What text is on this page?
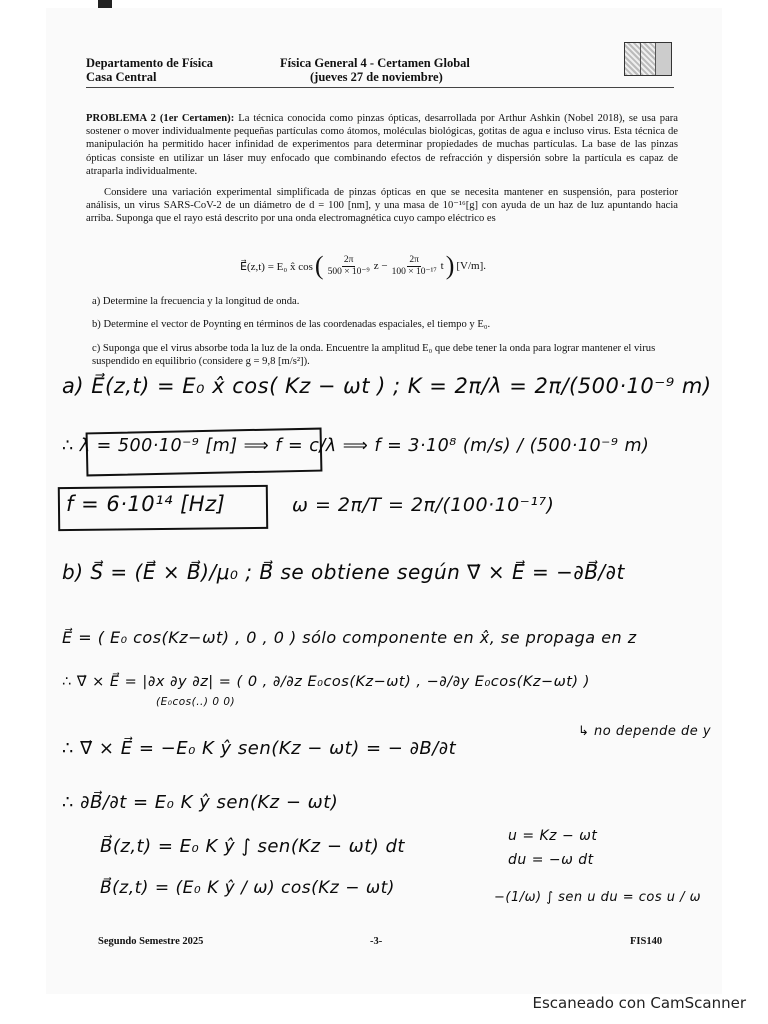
Departamento de Física
Casa Central
Física General 4 - Certamen Global
(jueves 27 de noviembre)
PROBLEMA 2 (1er Certamen): La técnica conocida como pinzas ópticas, desarrollada por Arthur Ashkin (Nobel 2018), se usa para sostener o mover individualmente pequeñas partículas como átomos, moléculas biológicas, gotitas de agua e incluso virus. Esta técnica de manipulación ha permitido hacer infinidad de experimentos para determinar propiedades de muchas partículas. La base de las pinzas ópticas consiste en utilizar un láser muy enfocado que combinando efectos de refracción y dispersión sobre la partícula es capaz de atraparla individualmente.
Considere una variación experimental simplificada de pinzas ópticas en que se necesita mantener en suspensión, para posterior análisis, un virus SARS-CoV-2 de un diámetro de d = 100 [nm], y una masa de 10⁻¹⁶[g] con ayuda de un haz de luz apuntando hacia arriba. Suponga que el rayo está descrito por una onda electromagnética cuyo campo eléctrico es
E⃗(z,t) = E₀ x̂ cos ( $\frac{2\pi}{\text{500 × 10⁻⁹}}$ $z - \frac{2\pi}{\text{100 × 10⁻¹⁷}}$ t ) [V/m].
a) Determine la frecuencia y la longitud de onda.
b) Determine el vector de Poynting en términos de las coordenadas espaciales, el tiempo y E₀.
c) Suponga que el virus absorbe toda la luz de la onda. Encuentre la amplitud E₀ que debe tener la onda para lograr mantener el virus suspendido en equilibrio (considere g = 9,8 [m/s²]).
a) E⃗(z,t) = E₀ x̂ cos( Kz − ωt ) ; K = 2π/λ = 2π/(500·10⁻⁹ m)
∴ λ = 500·10⁻⁹ [m] ⟹ f = c/λ ⟹ f = 3·10⁸ (m/s) / (500·10⁻⁹ m)
f = 6·10¹⁴ [Hz]	ω = 2π/T = 2π/(100·10⁻¹⁷)
b) S⃗ = (E⃗ × B⃗)/μ₀ ; B⃗ se obtiene según ∇⃗ × E⃗ = −∂B⃗/∂t
E⃗ = ( E₀ cos(Kz−ωt) , 0 , 0 ) sólo componente en x̂, se propaga en z
∴ ∇⃗ × E⃗ = |∂x ∂y ∂z| = ( 0 , ∂/∂z E₀cos(Kz−ωt) , −∂/∂y E₀cos(Kz−ωt) )
(E₀cos(..) 0 0)
↳ no depende de y
∴ ∇⃗ × E⃗ = −E₀ K ŷ sen(Kz − ωt) = − ∂B/∂t
∴ ∂B⃗/∂t = E₀ K ŷ sen(Kz − ωt)
B⃗(z,t) = E₀ K ŷ ∫ sen(Kz − ωt) dt	u = Kz − ωt
du = −ω dt
B⃗(z,t) = (E₀ K ŷ / ω) cos(Kz − ωt)	−(1/ω) ∫ sen u du = cos u / ω
Segundo Semestre 2025	-3-	FIS140
Escaneado con CamScanner
